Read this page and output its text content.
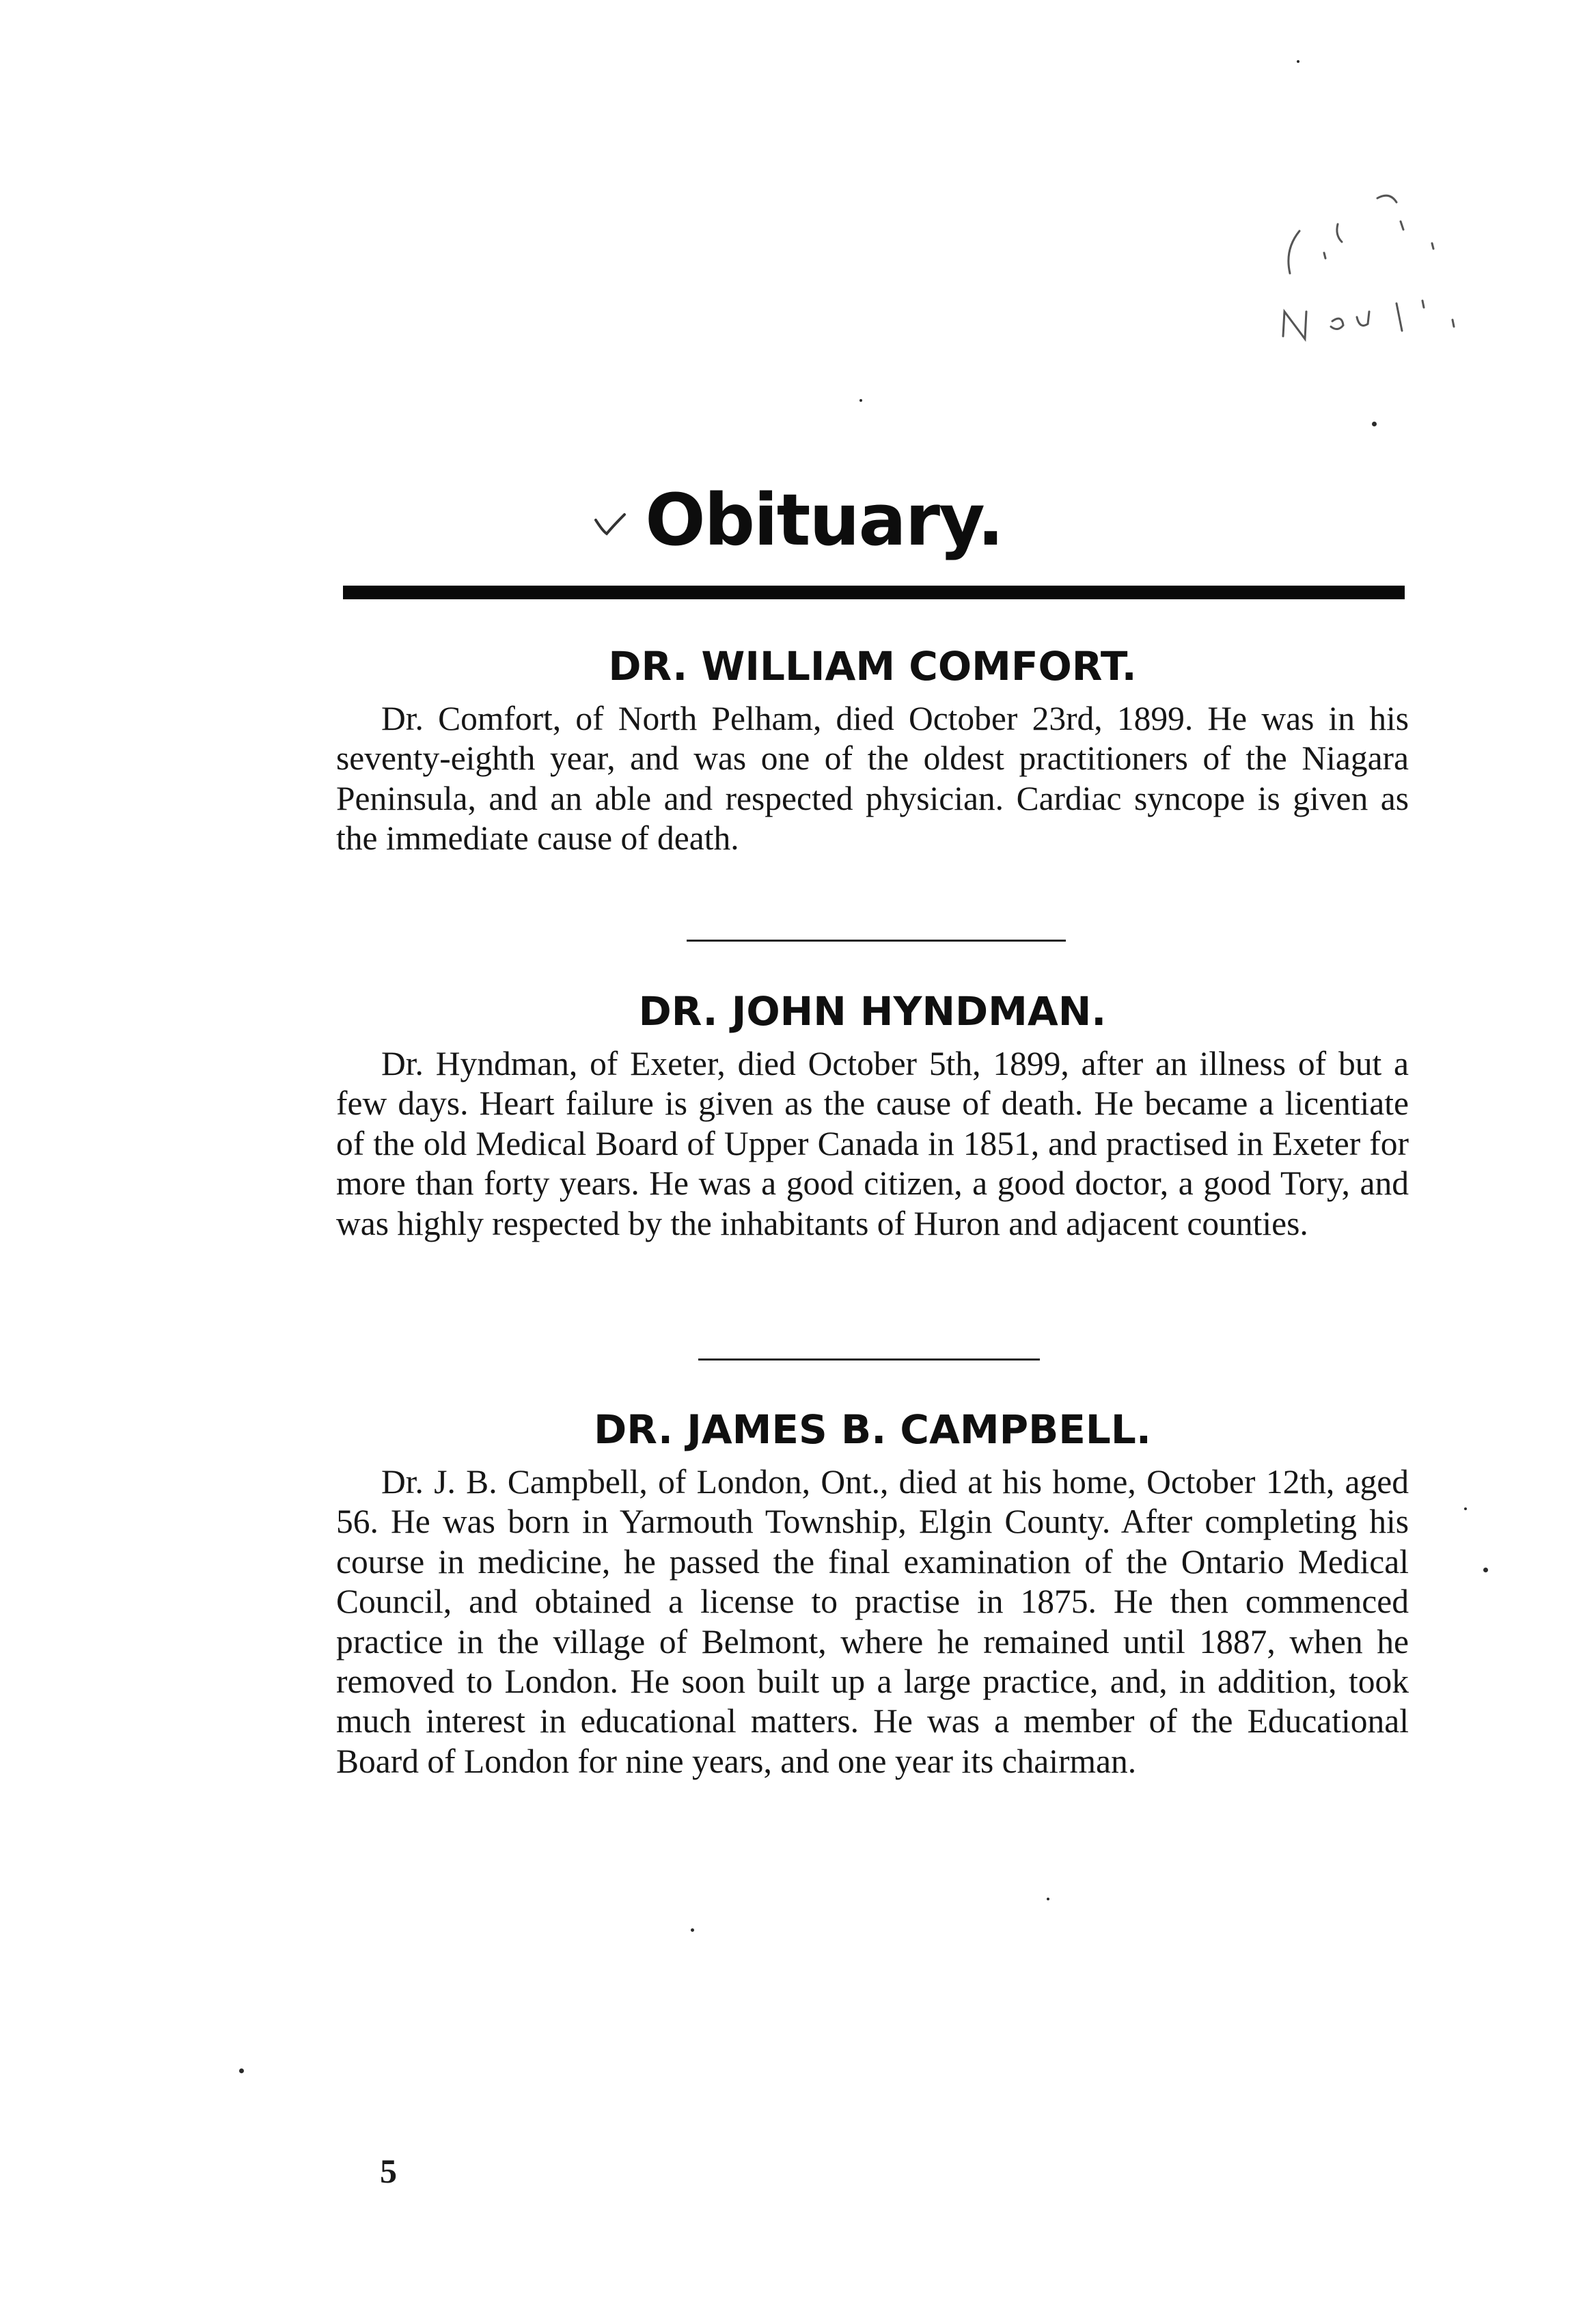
Obituary.
DR. WILLIAM COMFORT.

Dr. Comfort, of North Pelham, died October 23rd, 1899. He was in his seventy-eighth year, and was one of the oldest practitioners of the Niagara Peninsula, and an able and respected physician. Cardiac syncope is given as the immediate cause of death.

DR. JOHN HYNDMAN.

Dr. Hyndman, of Exeter, died October 5th, 1899, after an illness of but a few days. Heart failure is given as the cause of death. He became a licentiate of the old Medical Board of Upper Canada in 1851, and practised in Exeter for more than forty years. He was a good citizen, a good doctor, a good Tory, and was highly respected by the inhabitants of Huron and adjacent counties.

DR. JAMES B. CAMPBELL.

Dr. J. B. Campbell, of London, Ont., died at his home, October 12th, aged 56. He was born in Yarmouth Township, Elgin County. After completing his course in medicine, he passed the final examination of the Ontario Medical Council, and obtained a license to practise in 1875. He then commenced practice in the village of Belmont, where he remained until 1887, when he removed to London. He soon built up a large practice, and, in addition, took much interest in educational matters. He was a member of the Educational Board of London for nine years, and one year its chairman.

5
